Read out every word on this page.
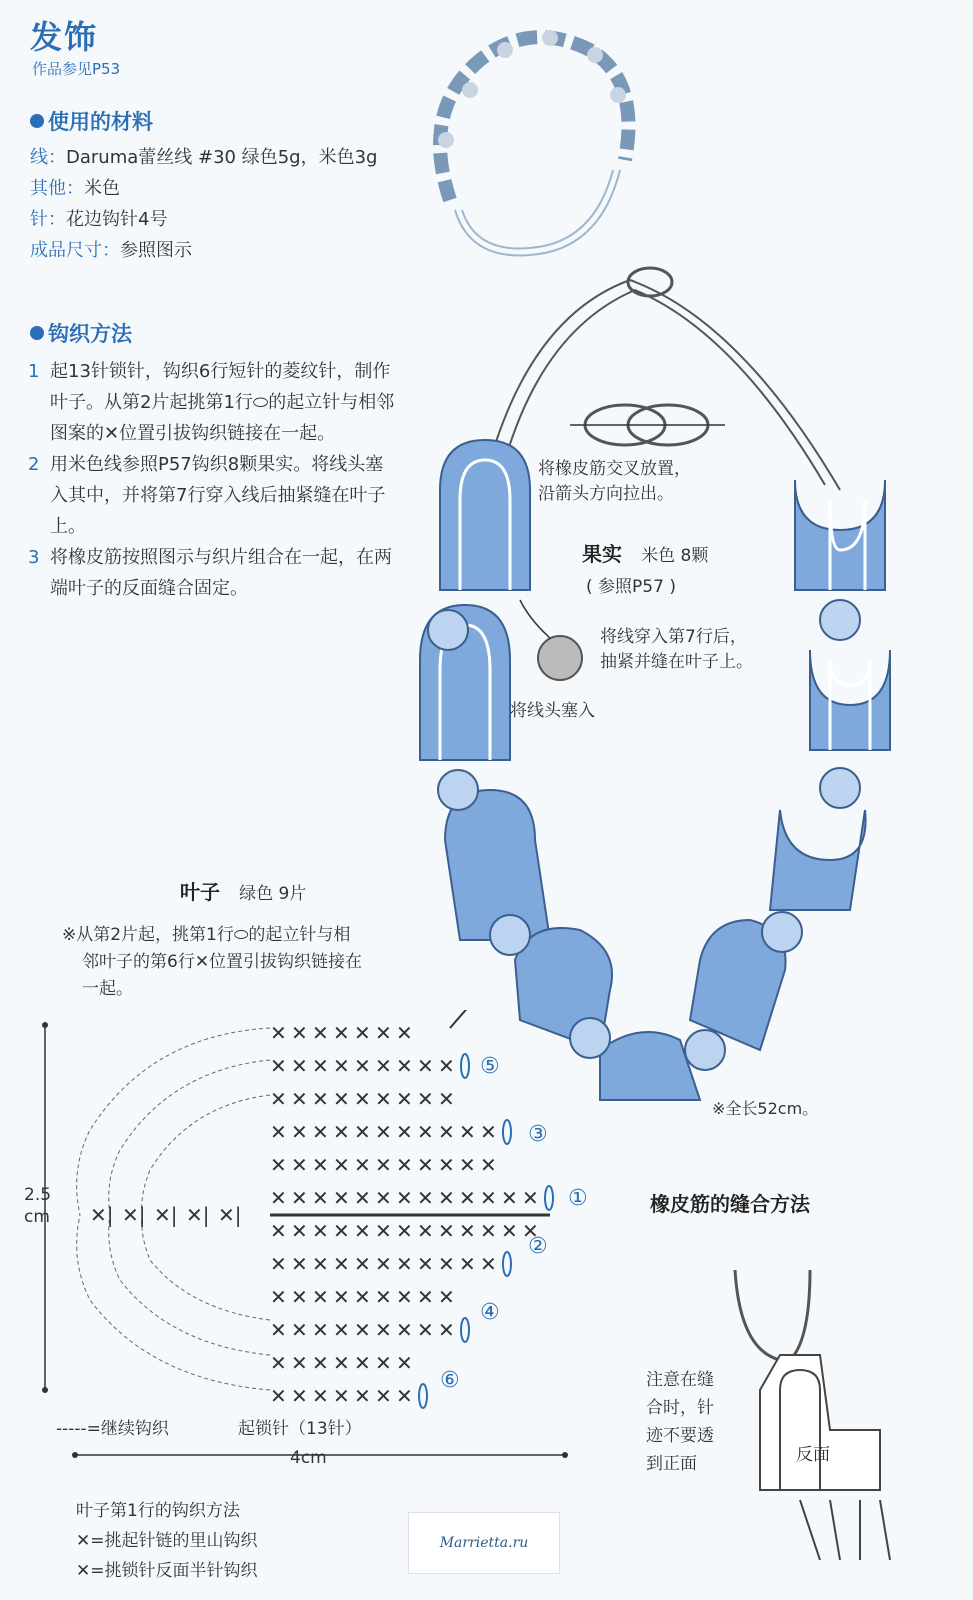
发饰
作品参见P53
使用的材料
线：Daruma蕾丝线 #30 绿色5g，米色3g
其他：米色
针：花边钩针4号
成品尺寸：参照图示
钩织方法
1 起13针锁针，钩织6行短针的菱纹针，制作叶子。从第2片起挑第1行⬭的起立针与相邻图案的✕位置引拔钩织链接在一起。
2 用米色线参照P57钩织8颗果实。将线头塞入其中，并将第7行穿入线后抽紧缝在叶子上。
3 将橡皮筋按照图示与织片组合在一起，在两端叶子的反面缝合固定。
将橡皮筋交叉放置，
沿箭头方向拉出。
果实 米色 8颗
( 参照P57 )
将线穿入第7行后，
抽紧并缝在叶子上。
将线头塞入
※全长52cm。
叶子 绿色 9片
※从第2片起，挑第1行⬭的起立针与相
邻叶子的第6行✕位置引拔钩织链接在
一起。
✕ ✕ ✕ ✕ ✕ ✕ ✕
✕ ✕ ✕ ✕ ✕ ✕ ✕ ✕ ✕
✕ ✕ ✕ ✕ ✕ ✕ ✕ ✕ ✕
✕ ✕ ✕ ✕ ✕ ✕ ✕ ✕ ✕ ✕ ✕
✕ ✕ ✕ ✕ ✕ ✕ ✕ ✕ ✕ ✕ ✕
✕ ✕ ✕ ✕ ✕ ✕ ✕ ✕ ✕ ✕ ✕ ✕ ✕
✕ ✕ ✕ ✕ ✕ ✕ ✕ ✕ ✕ ✕ ✕ ✕ ✕
✕ ✕ ✕ ✕ ✕ ✕ ✕ ✕ ✕ ✕ ✕
✕ ✕ ✕ ✕ ✕ ✕ ✕ ✕ ✕
✕ ✕ ✕ ✕ ✕ ✕ ✕ ✕ ✕
✕ ✕ ✕ ✕ ✕ ✕ ✕
✕ ✕ ✕ ✕ ✕ ✕ ✕
✕| ✕| ✕| ✕| ✕|
⑤
③
①
②
④
⑥
2.5
cm
-----=继续钩织	起锁针（13针）
4cm
橡皮筋的缝合方法
注意在缝
合时，针
迹不要透
到正面	反面
叶子第1行的钩织方法
✕=挑起针链的里山钩织
✕=挑锁针反面半针钩织
Marrietta.ru
